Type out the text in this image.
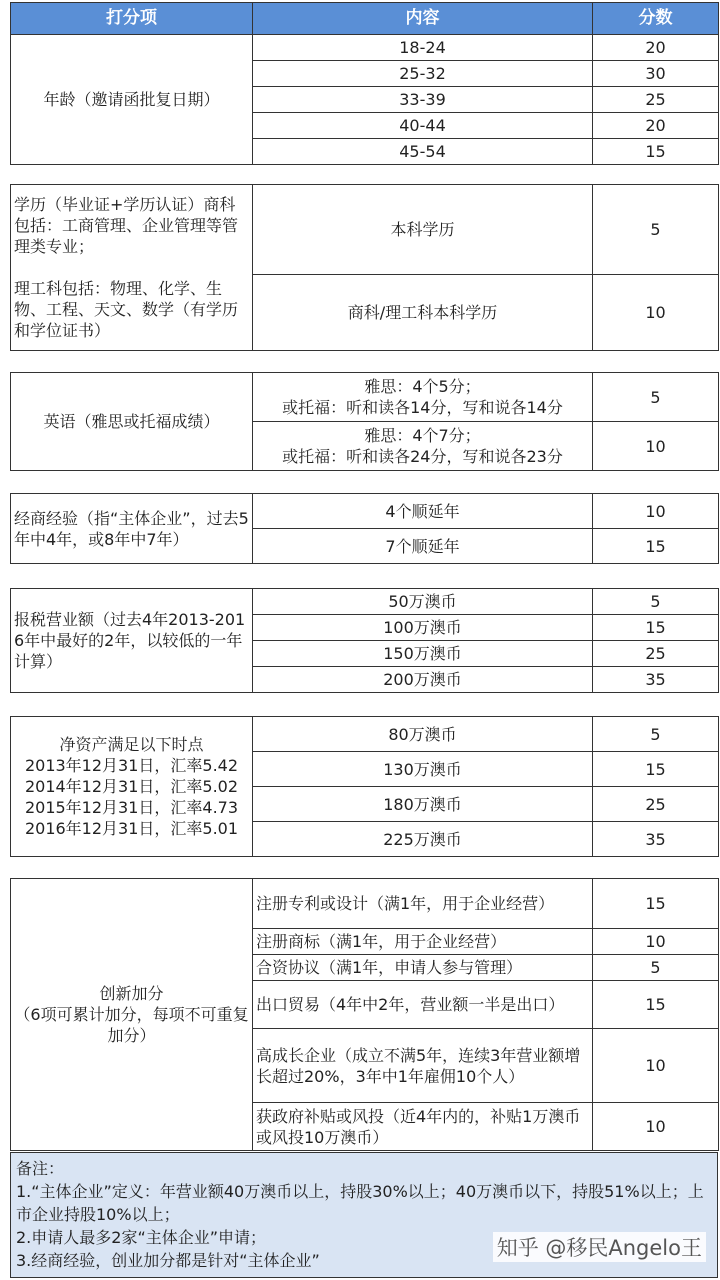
打分项	内容	分数
年龄（邀请函批复日期）	18-24	20
	25-32	30
	33-39	25
	40-44	20
	45-54	15
学历（毕业证+学历认证）商科包括：工商管理、企业管理等管理类专业；

理工科包括：物理、化学、生物、工程、天文、数学（有学历和学位证书）	本科学历	5
	商科/理工科本科学历	10
英语（雅思或托福成绩）	雅思：4个5分；
或托福：听和读各14分，写和说各14分	5
	雅思：4个7分；
或托福：听和读各24分，写和说各23分	10
经商经验（指“主体企业”，过去5年中4年，或8年中7年）	4个顺延年	10
	7个顺延年	15
报税营业额（过去4年2013-2016年中最好的2年，以较低的一年计算）	50万澳币	5
	100万澳币	15
	150万澳币	25
	200万澳币	35
净资产满足以下时点
2013年12月31日，汇率5.42
2014年12月31日，汇率5.02
2015年12月31日，汇率4.73
2016年12月31日，汇率5.01	80万澳币	5
	130万澳币	15
	180万澳币	25
	225万澳币	35
创新加分
（6项可累计加分，每项不可重复加分）	注册专利或设计（满1年，用于企业经营）	15
	注册商标（满1年，用于企业经营）	10
	合资协议（满1年，申请人参与管理）	5
	出口贸易（4年中2年，营业额一半是出口）	15
	高成长企业（成立不满5年，连续3年营业额增长超过20%，3年中1年雇佣10个人）	10
	获政府补贴或风投（近4年内的，补贴1万澳币或风投10万澳币）	10
备注：
1.“主体企业”定义：年营业额40万澳币以上，持股30%以上；40万澳币以下，持股51%以上；上市企业持股10%以上；
2.申请人最多2家“主体企业”申请；
3.经商经验，创业加分都是针对“主体企业”
知乎 @移民Angelo王
